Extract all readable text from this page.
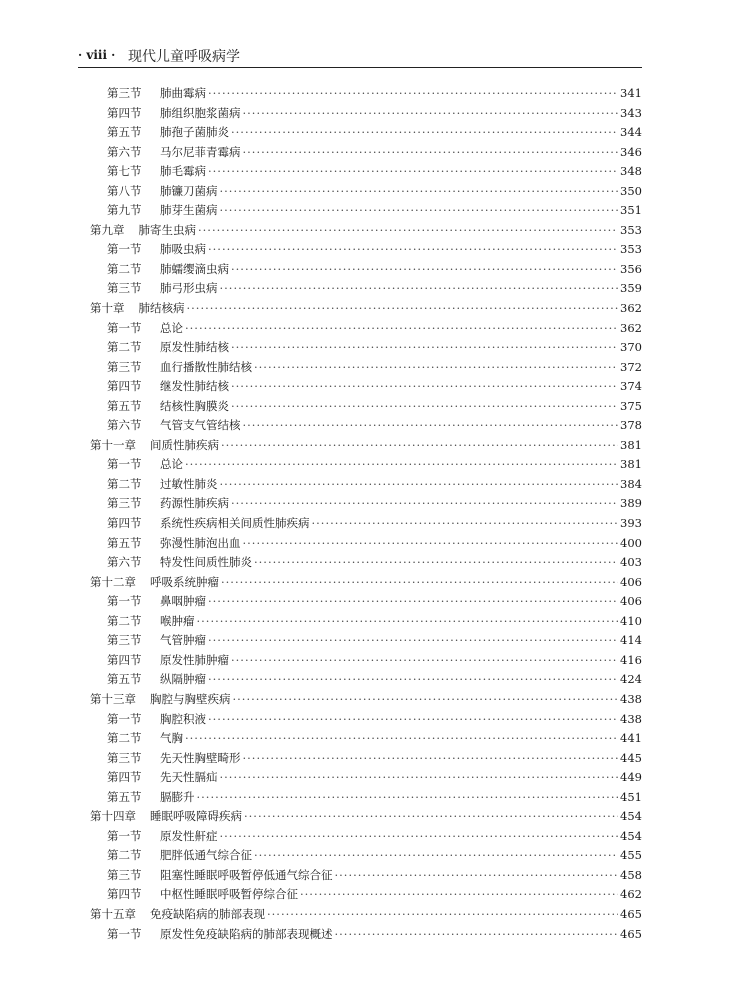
· viii · 现代儿童呼吸病学
第三节	肺曲霉病 ·····	341
第四节	肺组织胞浆菌病 ·····	343
第五节	肺孢子菌肺炎 ·····	344
第六节	马尔尼菲青霉病 ·····	346
第七节	肺毛霉病 ·····	348
第八节	肺镰刀菌病 ·····	350
第九节	肺芽生菌病 ·····	351
第九章 肺寄生虫病 ·····	353
第一节	肺吸虫病 ·····	353
第二节	肺蠕缨滴虫病 ·····	356
第三节	肺弓形虫病 ·····	359
第十章 肺结核病 ·····	362
第一节	总论 ·····	362
第二节	原发性肺结核 ·····	370
第三节	血行播散性肺结核 ·····	372
第四节	继发性肺结核 ·····	374
第五节	结核性胸膜炎 ·····	375
第六节	气管支气管结核 ·····	378
第十一章 间质性肺疾病 ·····	381
第一节	总论 ·····	381
第二节	过敏性肺炎 ·····	384
第三节	药源性肺疾病 ·····	389
第四节	系统性疾病相关间质性肺疾病 ·····	393
第五节	弥漫性肺泡出血 ·····	400
第六节	特发性间质性肺炎 ·····	403
第十二章 呼吸系统肿瘤 ·····	406
第一节	鼻咽肿瘤 ·····	406
第二节	喉肿瘤 ·····	410
第三节	气管肿瘤 ·····	414
第四节	原发性肺肿瘤 ·····	416
第五节	纵隔肿瘤 ·····	424
第十三章 胸腔与胸壁疾病 ·····	438
第一节	胸腔积液 ·····	438
第二节	气胸 ·····	441
第三节	先天性胸壁畸形 ·····	445
第四节	先天性膈疝 ·····	449
第五节	膈膨升 ·····	451
第十四章 睡眠呼吸障碍疾病 ·····	454
第一节	原发性鼾症 ·····	454
第二节	肥胖低通气综合征 ·····	455
第三节	阻塞性睡眠呼吸暂停低通气综合征 ·····	458
第四节	中枢性睡眠呼吸暂停综合征 ·····	462
第十五章 免疫缺陷病的肺部表现 ·····	465
第一节	原发性免疫缺陷病的肺部表现概述 ·····	465
